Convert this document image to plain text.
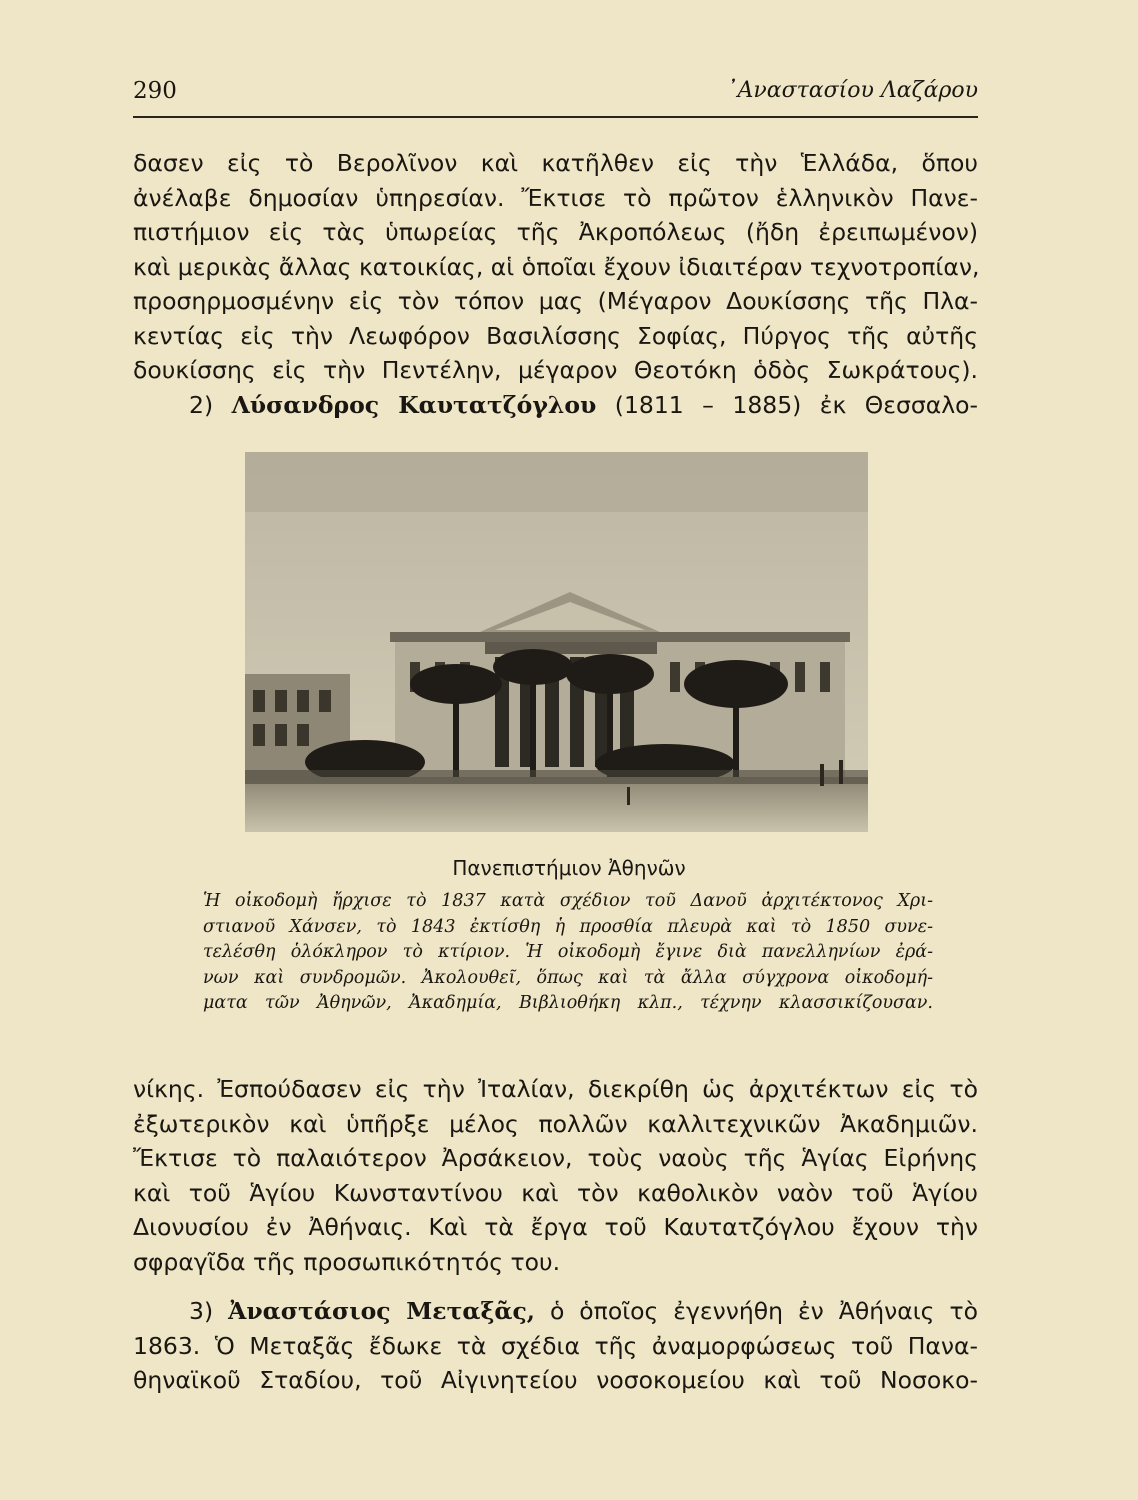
290	᾿Αναστασίου Λαζάρου
δασεν εἰς τὸ Βερολῖνον καὶ κατῆλθεν εἰς τὴν Ἑλλάδα, ὅπου
ἀνέλαβε δημοσίαν ὑπηρεσίαν. Ἔκτισε τὸ πρῶτον ἑλληνικὸν Πανε-
πιστήμιον εἰς τὰς ὑπωρείας τῆς Ἀκροπόλεως (ἤδη ἐρειπωμένον)
καὶ μερικὰς ἄλλας κατοικίας, αἱ ὁποῖαι ἔχουν ἰδιαιτέραν τεχνοτροπίαν,
προσηρμοσμένην εἰς τὸν τόπον μας (Μέγαρον Δουκίσσης τῆς Πλα-
κεντίας εἰς τὴν Λεωφόρον Βασιλίσσης Σοφίας, Πύργος τῆς αὐτῆς
δουκίσσης εἰς τὴν Πεντέλην, μέγαρον Θεοτόκη ὁδὸς Σωκράτους).
2) Λύσανδρος Καυτατζόγλου (1811 – 1885) ἐκ Θεσσαλο-
Πανεπιστήμιον Ἀθηνῶν
Ἡ οἰκοδομὴ ἤρχισε τὸ 1837 κατὰ σχέδιον τοῦ Δανοῦ ἀρχιτέκτονος Χρι-
στιανοῦ Χάνσεν, τὸ 1843 ἐκτίσθη ἡ προσθία πλευρὰ καὶ τὸ 1850 συνε-
τελέσθη ὁλόκληρον τὸ κτίριον. Ἡ οἰκοδομὴ ἔγινε διὰ πανελληνίων ἐρά-
νων καὶ συνδρομῶν. Ἀκολουθεῖ, ὅπως καὶ τὰ ἄλλα σύγχρονα οἰκοδομή-
ματα τῶν Ἀθηνῶν, Ἀκαδημία, Βιβλιοθήκη κλπ., τέχνην κλασσικίζουσαν.
νίκης. Ἐσπούδασεν εἰς τὴν Ἰταλίαν, διεκρίθη ὡς ἀρχιτέκτων εἰς τὸ
ἐξωτερικὸν καὶ ὑπῆρξε μέλος πολλῶν καλλιτεχνικῶν Ἀκαδημιῶν.
Ἔκτισε τὸ παλαιότερον Ἀρσάκειον, τοὺς ναοὺς τῆς Ἁγίας Εἰρήνης
καὶ τοῦ Ἁγίου Κωνσταντίνου καὶ τὸν καθολικὸν ναὸν τοῦ Ἁγίου
Διονυσίου ἐν Ἀθήναις. Καὶ τὰ ἔργα τοῦ Καυτατζόγλου ἔχουν τὴν
σφραγῖδα τῆς προσωπικότητός του.
3) Ἀναστάσιος Μεταξᾶς, ὁ ὁποῖος ἐγεννήθη ἐν Ἀθήναις τὸ
1863. Ὁ Μεταξᾶς ἔδωκε τὰ σχέδια τῆς ἀναμορφώσεως τοῦ Πανα-
θηναϊκοῦ Σταδίου, τοῦ Αἰγινητείου νοσοκομείου καὶ τοῦ Νοσοκο-
